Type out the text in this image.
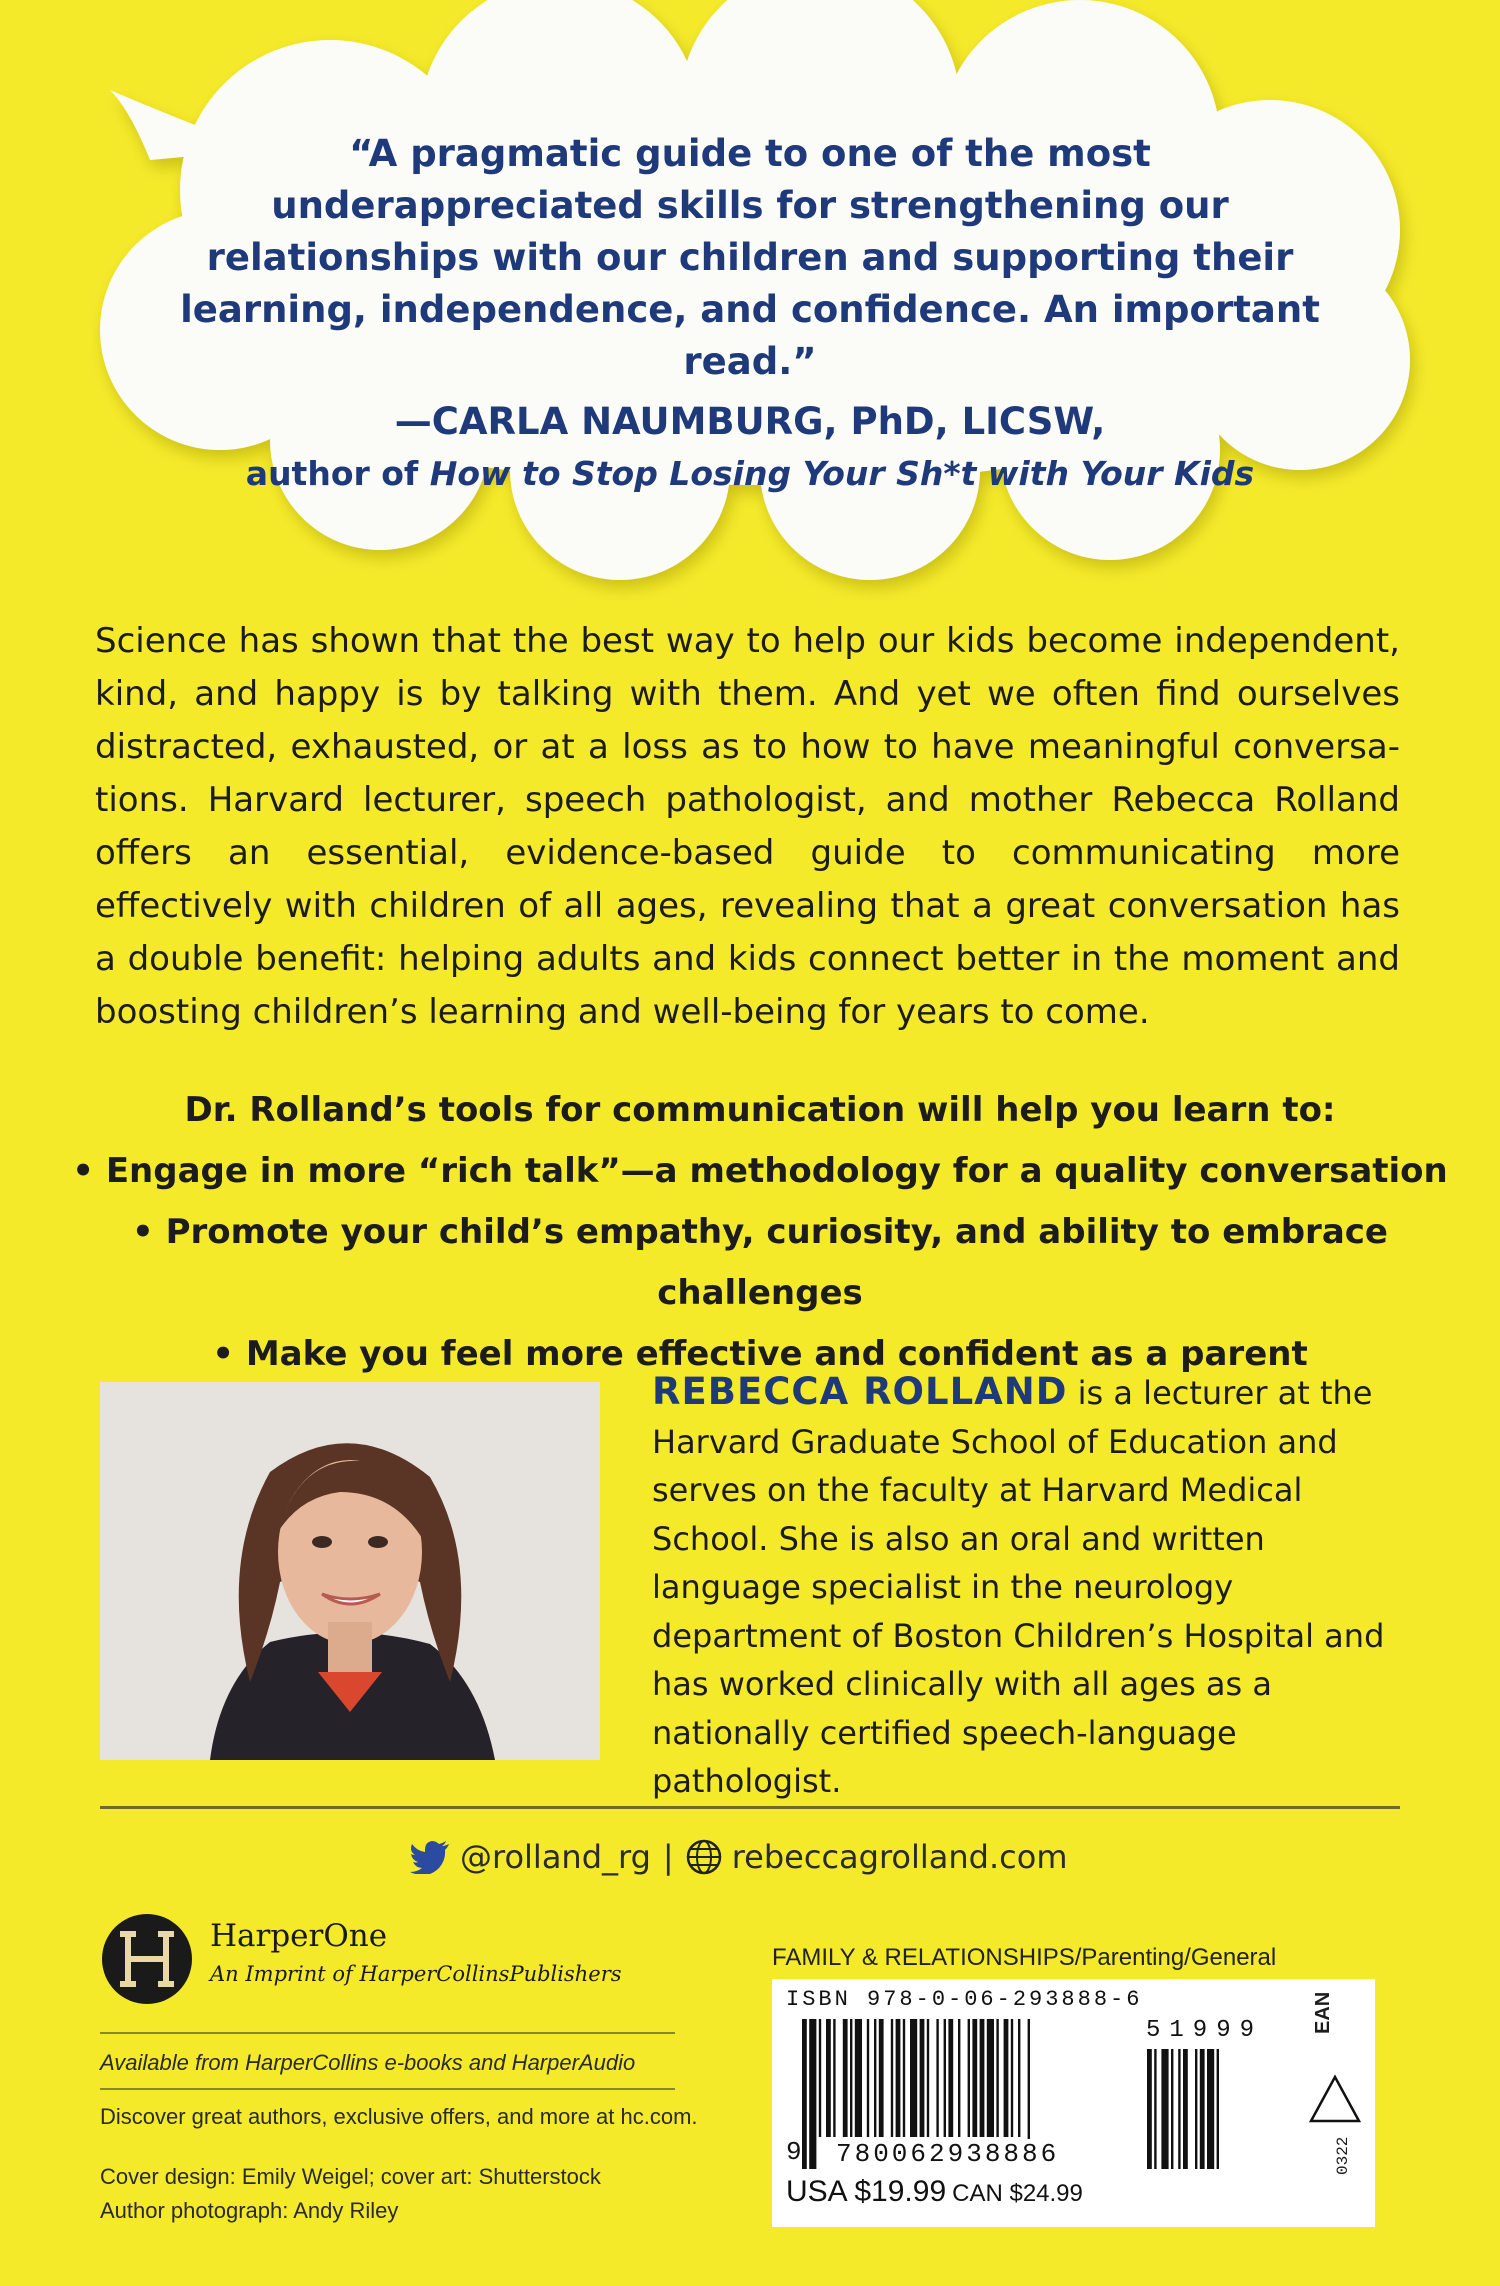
“A pragmatic guide to one of the most underappreciated skills for strengthening our relationships with our children and supporting their learning, independence, and confidence. An important read.”
—CARLA NAUMBURG, PhD, LICSW,
author of How to Stop Losing Your Sh*t with Your Kids
Science has shown that the best way to help our kids become independent, kind, and happy is by talking with them. And yet we often find ourselves distracted, exhausted, or at a loss as to how to have meaningful conversa-tions. Harvard lecturer, speech pathologist, and mother Rebecca Rolland offers an essential, evidence-based guide to communicating more effectively with children of all ages, revealing that a great conversation has a double benefit: helping adults and kids connect better in the moment and boosting children’s learning and well-being for years to come.
Dr. Rolland’s tools for communication will help you learn to:
• Engage in more “rich talk”—a methodology for a quality conversation
• Promote your child’s empathy, curiosity, and ability to embrace challenges
• Make you feel more effective and confident as a parent
REBECCA ROLLAND is a lecturer at the Harvard Graduate School of Education and serves on the faculty at Harvard Medical School. She is also an oral and written language specialist in the neurology department of Boston Children’s Hospital and has worked clinically with all ages as a nationally certified speech-language pathologist.
@rolland_rg | rebeccagrolland.com
HarperOne
An Imprint of HarperCollinsPublishers
Available from HarperCollins e-books and HarperAudio
Discover great authors, exclusive offers, and more at hc.com.
Cover design: Emily Weigel; cover art: Shutterstock
Author photograph: Andy Riley
FAMILY & RELATIONSHIPS/Parenting/General
ISBN 978-0-06-293888-6
51999
9 780062938886
USA $19.99 CAN $24.99
EAN
0322
